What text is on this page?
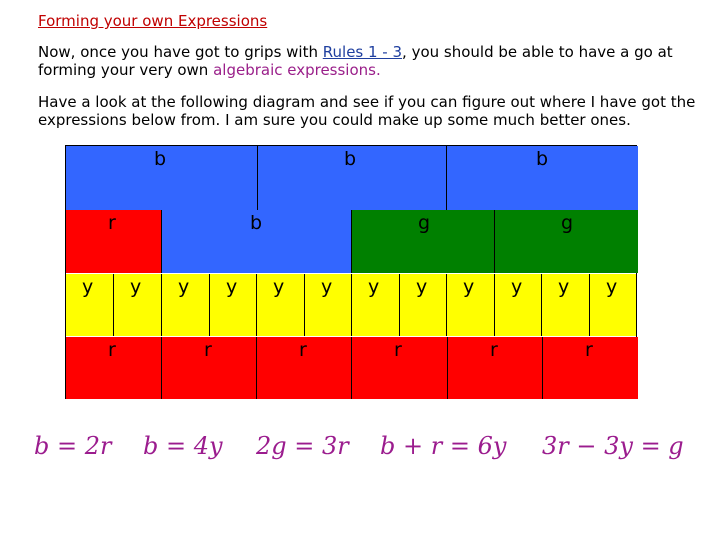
Forming your own Expressions
Now, once you have got to grips with Rules 1 - 3, you should be able to have a go at forming your very own algebraic expressions.
Have a look at the following diagram and see if you can figure out where I have got the expressions below from. I am sure you could make up some much better ones.
b	b	b
r	b	g	g
y y y y y y y y y y y y
r	r	r	r	r	r
b = 2r b = 4y 2g = 3r b + r = 6y 3r − 3y = g
